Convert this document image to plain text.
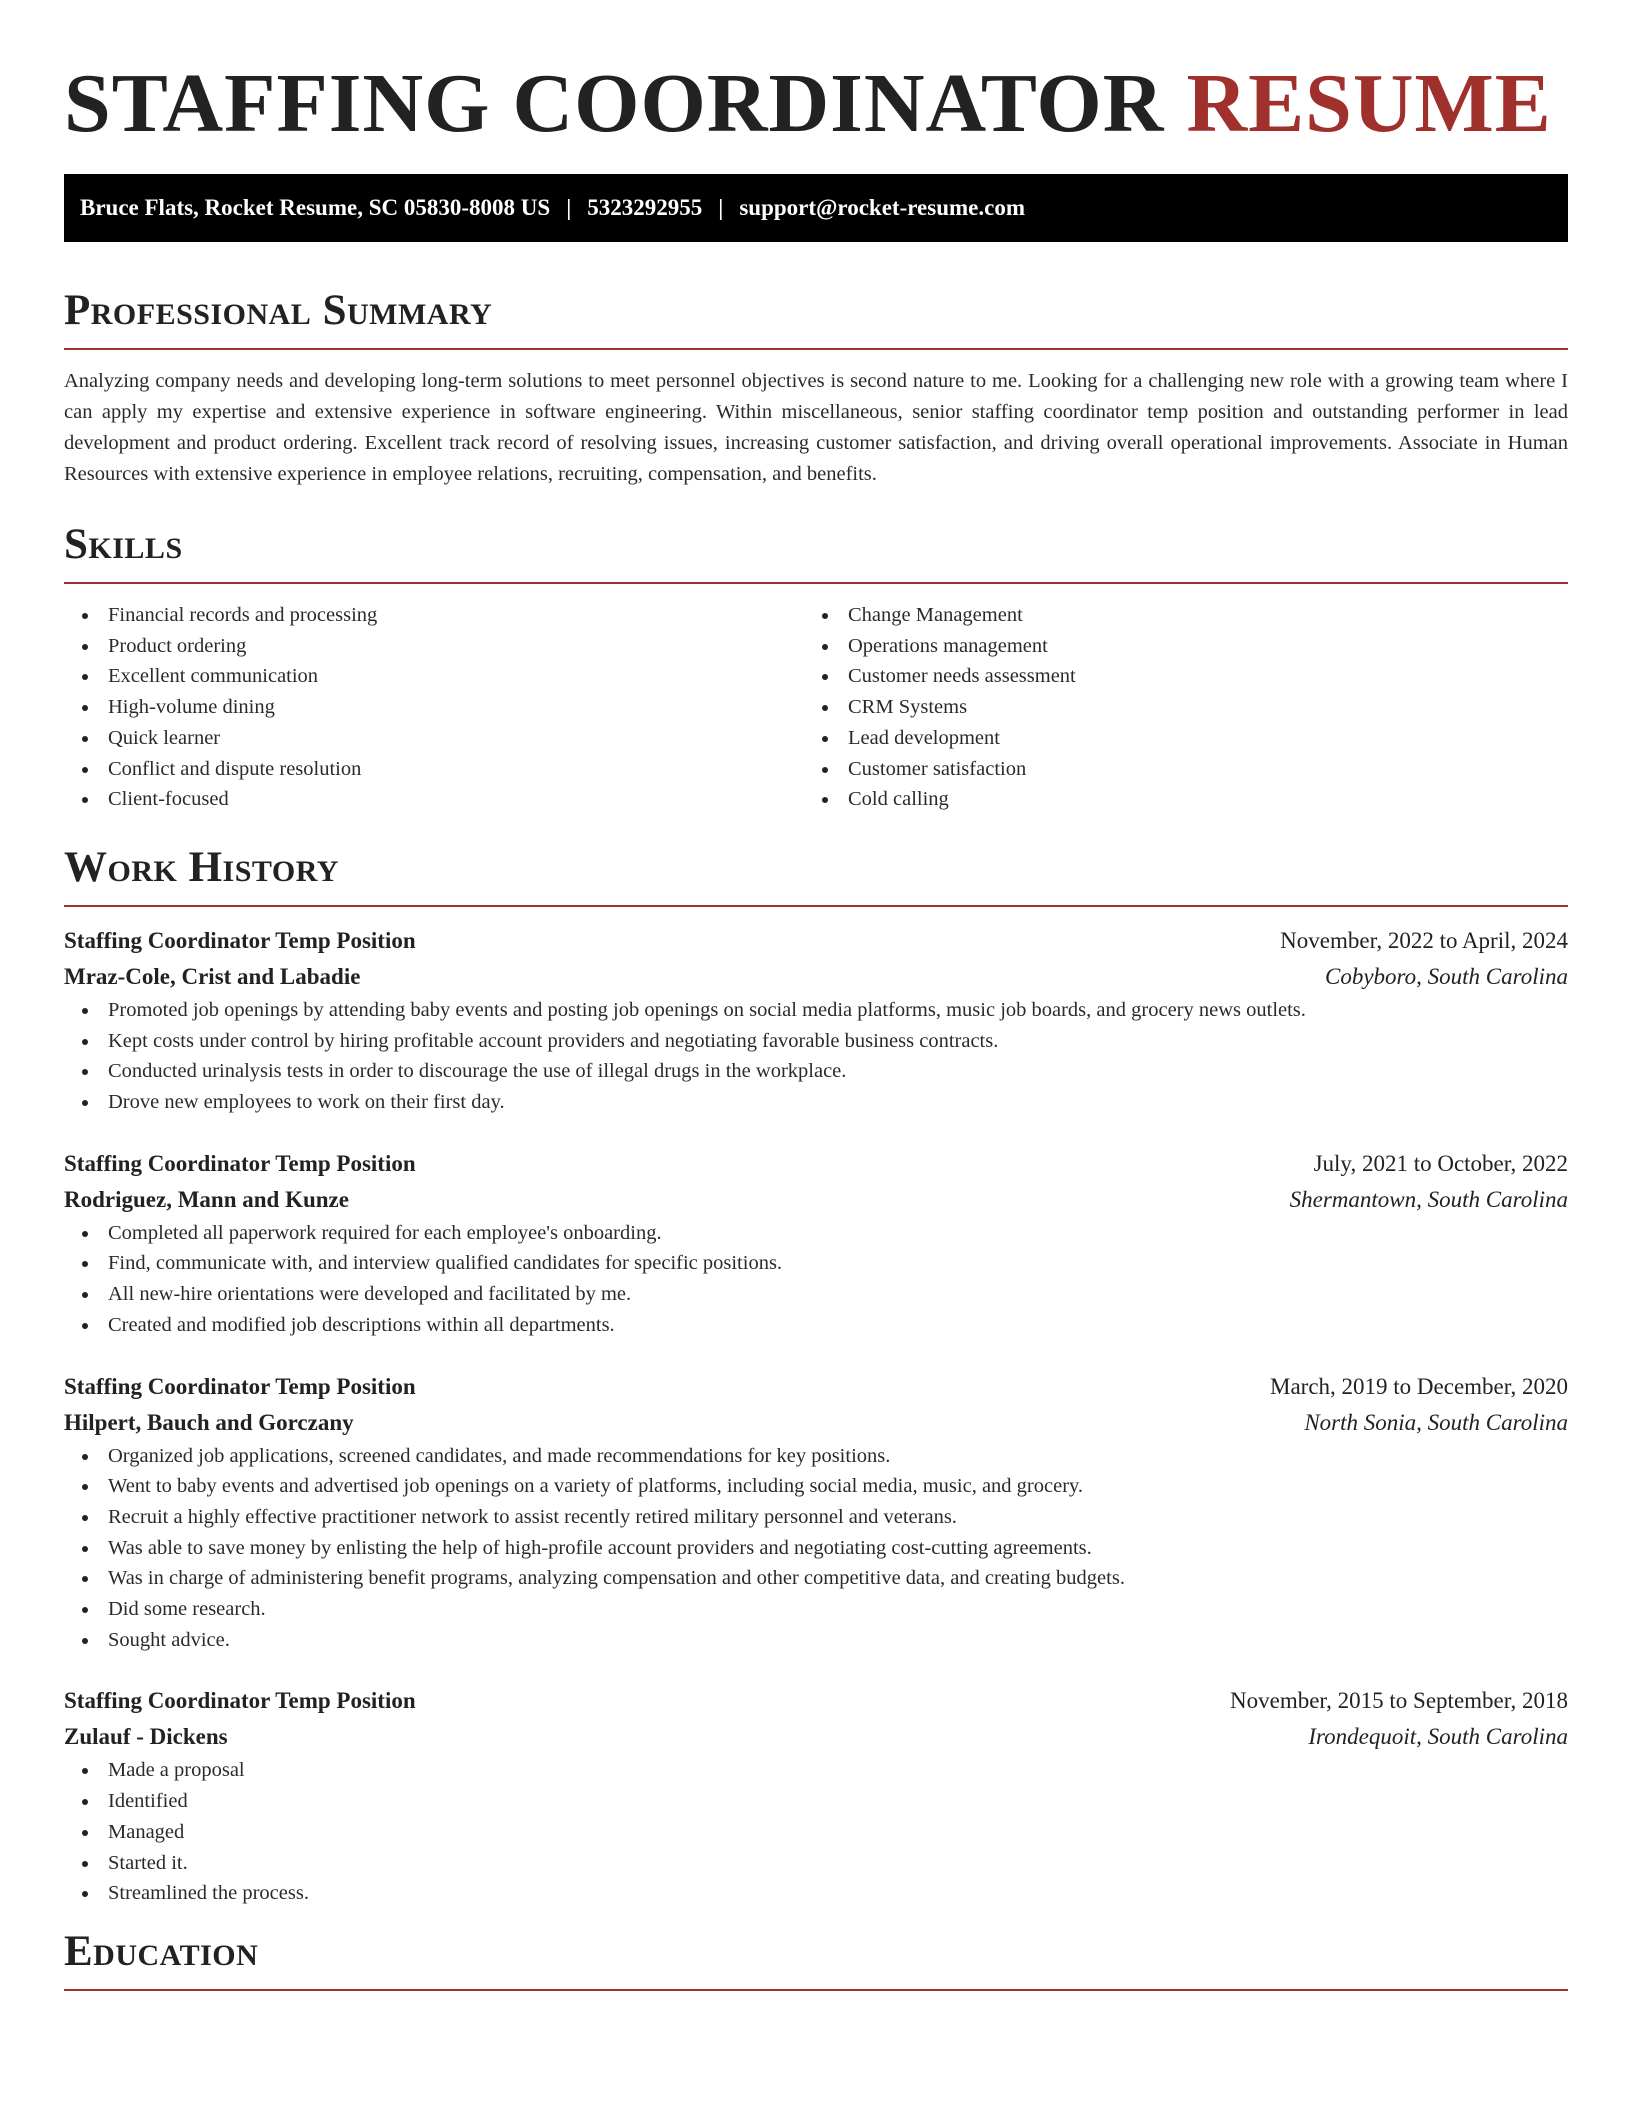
STAFFING COORDINATOR RESUME
Bruce Flats, Rocket Resume, SC 05830-8008 US | 5323292955 | support@rocket-resume.com
Professional Summary

Analyzing company needs and developing long-term solutions to meet personnel objectives is second nature to me. Looking for a challenging new role with a growing team where I can apply my expertise and extensive experience in software engineering. Within miscellaneous, senior staffing coordinator temp position and outstanding performer in lead development and product ordering. Excellent track record of resolving issues, increasing customer satisfaction, and driving overall operational improvements. Associate in Human Resources with extensive experience in employee relations, recruiting, compensation, and benefits.

Skills
Financial records and processing
Product ordering
Excellent communication
High-volume dining
Quick learner
Conflict and dispute resolution
Client-focused
Change Management
Operations management
Customer needs assessment
CRM Systems
Lead development
Customer satisfaction
Cold calling
Work History
Staffing Coordinator Temp Position	November, 2022 to April, 2024
Mraz-Cole, Crist and Labadie	Cobyboro, South Carolina
Promoted job openings by attending baby events and posting job openings on social media platforms, music job boards, and grocery news outlets.
Kept costs under control by hiring profitable account providers and negotiating favorable business contracts.
Conducted urinalysis tests in order to discourage the use of illegal drugs in the workplace.
Drove new employees to work on their first day.
Staffing Coordinator Temp Position	July, 2021 to October, 2022
Rodriguez, Mann and Kunze	Shermantown, South Carolina
Completed all paperwork required for each employee's onboarding.
Find, communicate with, and interview qualified candidates for specific positions.
All new-hire orientations were developed and facilitated by me.
Created and modified job descriptions within all departments.
Staffing Coordinator Temp Position	March, 2019 to December, 2020
Hilpert, Bauch and Gorczany	North Sonia, South Carolina
Organized job applications, screened candidates, and made recommendations for key positions.
Went to baby events and advertised job openings on a variety of platforms, including social media, music, and grocery.
Recruit a highly effective practitioner network to assist recently retired military personnel and veterans.
Was able to save money by enlisting the help of high-profile account providers and negotiating cost-cutting agreements.
Was in charge of administering benefit programs, analyzing compensation and other competitive data, and creating budgets.
Did some research.
Sought advice.
Staffing Coordinator Temp Position	November, 2015 to September, 2018
Zulauf - Dickens	Irondequoit, South Carolina
Made a proposal
Identified
Managed
Started it.
Streamlined the process.
Education
